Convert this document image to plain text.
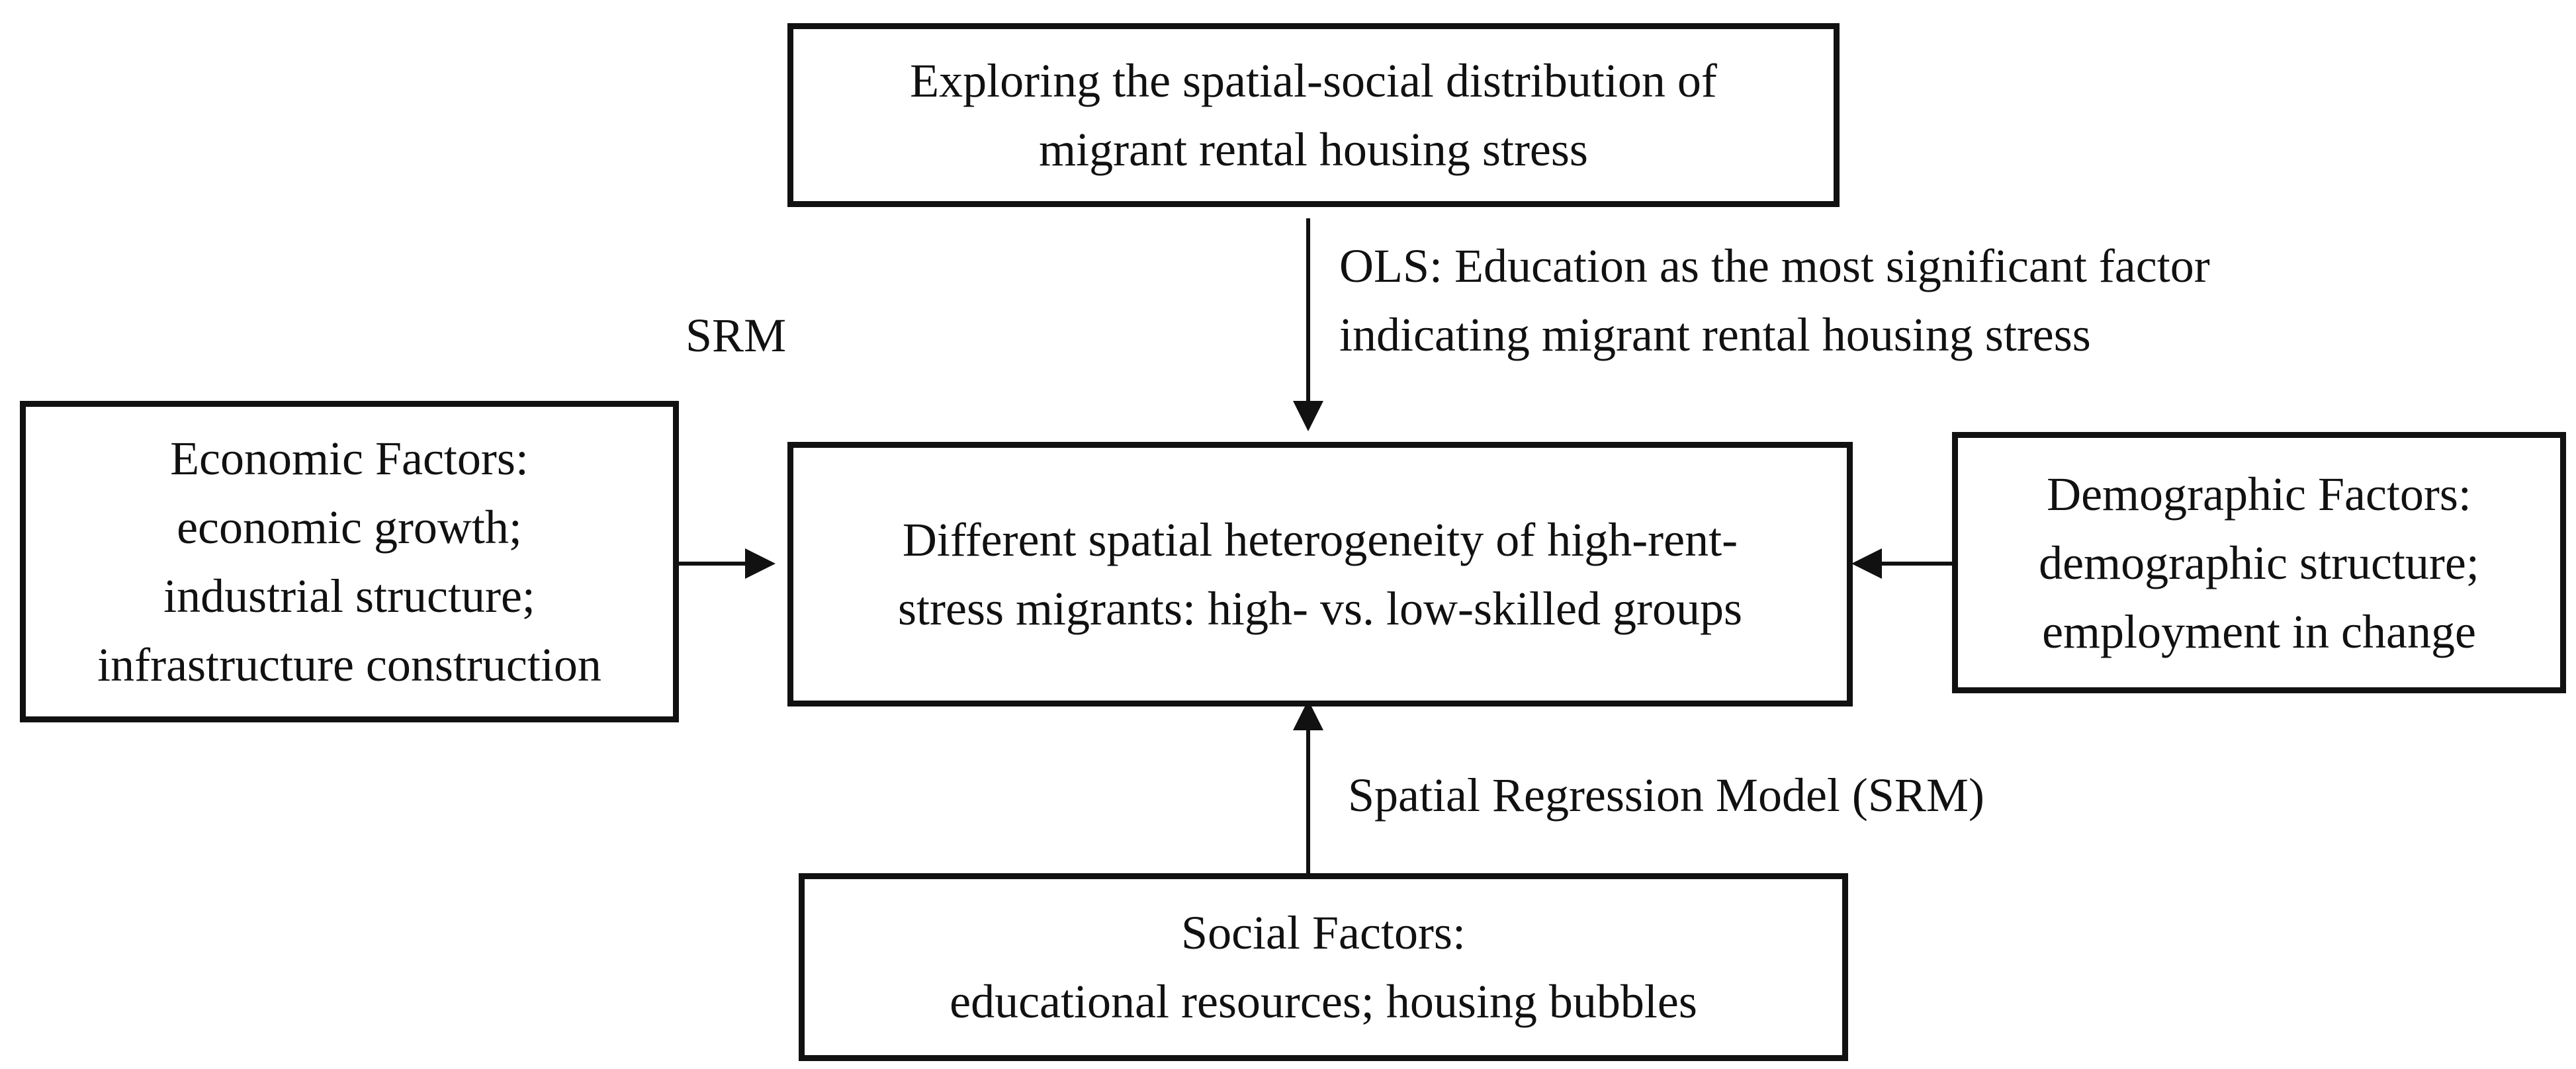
Exploring the spatial-social distribution of
migrant rental housing stress
Different spatial heterogeneity of high-rent-
stress migrants: high- vs. low-skilled groups
Economic Factors:
economic growth;
industrial structure;
infrastructure construction
Demographic Factors:
demographic structure;
employment in change
Social Factors:
educational resources; housing bubbles
OLS: Education as the most significant factor
indicating migrant rental housing stress
SRM
Spatial Regression Model (SRM)
